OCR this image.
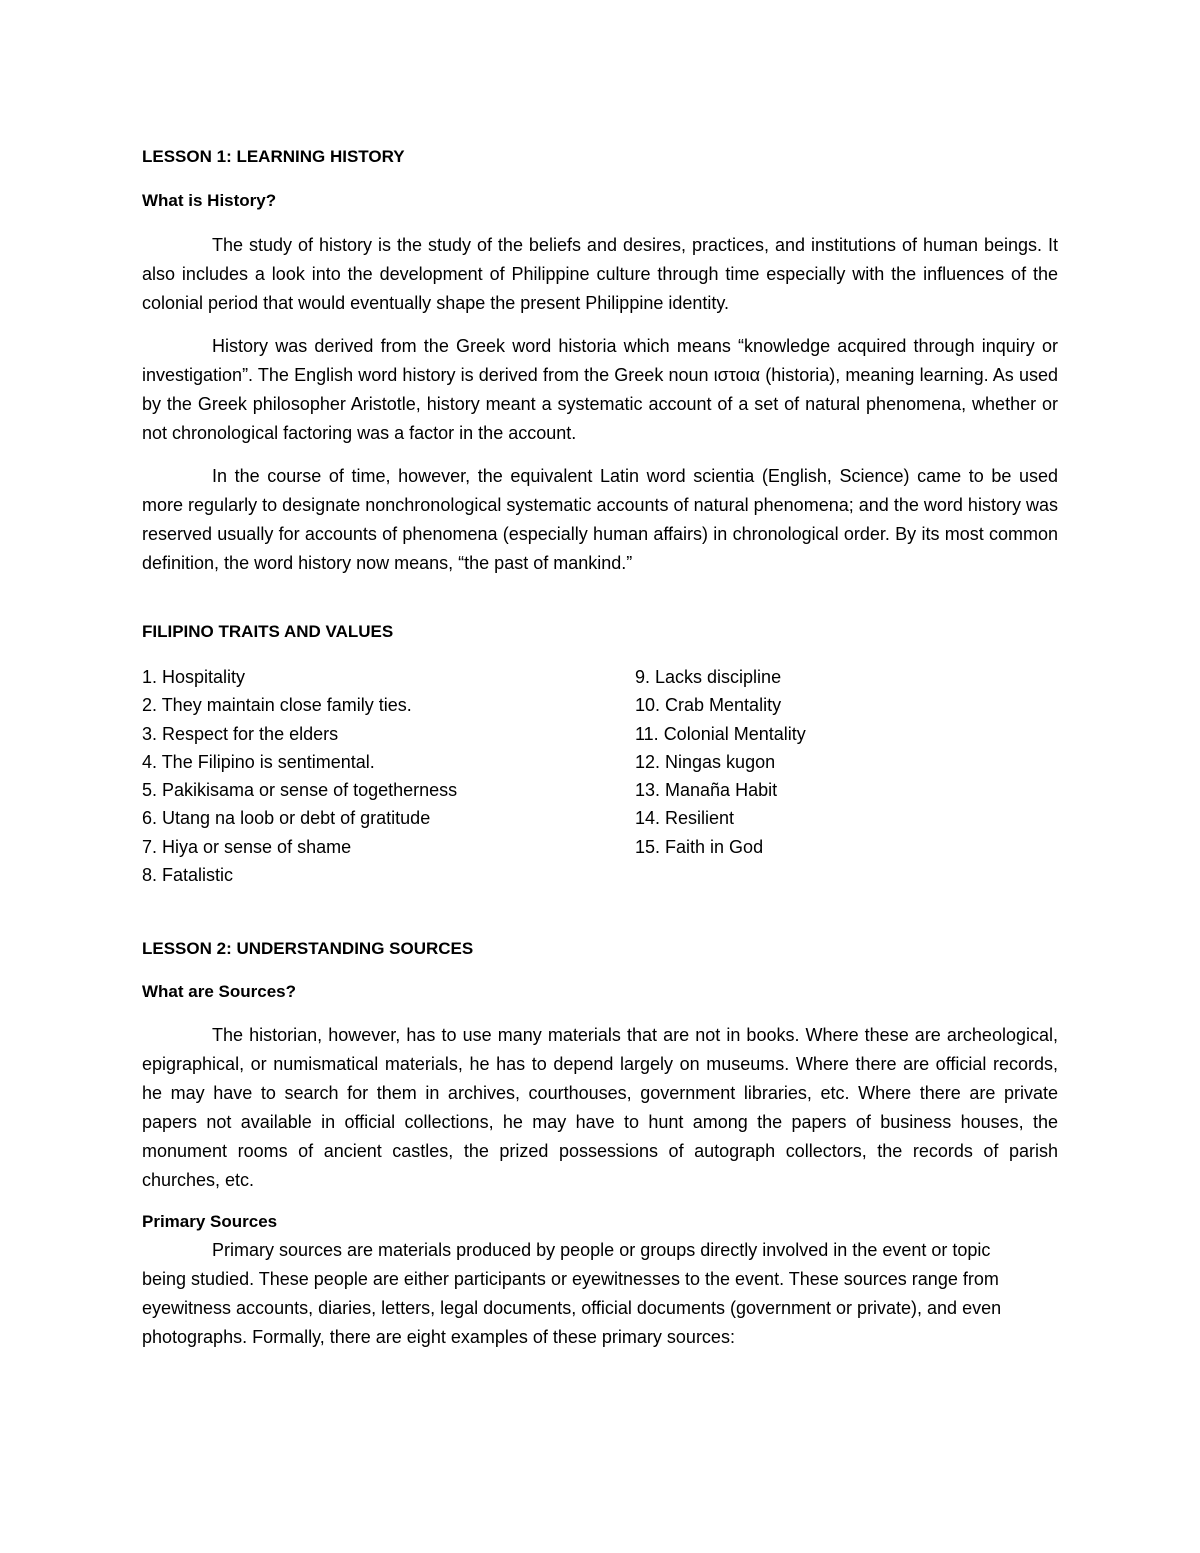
LESSON 1: LEARNING HISTORY
What is History?

The study of history is the study of the beliefs and desires, practices, and institutions of human beings. It also includes a look into the development of Philippine culture through time especially with the influences of the colonial period that would eventually shape the present Philippine identity.

History was derived from the Greek word historia which means “knowledge acquired through inquiry or investigation”. The English word history is derived from the Greek noun ιστοια (historia), meaning learning. As used by the Greek philosopher Aristotle, history meant a systematic account of a set of natural phenomena, whether or not chronological factoring was a factor in the account.

In the course of time, however, the equivalent Latin word scientia (English, Science) came to be used more regularly to designate nonchronological systematic accounts of natural phenomena; and the word history was reserved usually for accounts of phenomena (especially human affairs) in chronological order. By its most common definition, the word history now means, “the past of mankind.”

FILIPINO TRAITS AND VALUES
1. Hospitality
2. They maintain close family ties.
3. Respect for the elders
4. The Filipino is sentimental.
5. Pakikisama or sense of togetherness
6. Utang na loob or debt of gratitude
7. Hiya or sense of shame
8. Fatalistic
9. Lacks discipline
10. Crab Mentality
11. Colonial Mentality
12. Ningas kugon
13. Manaña Habit
14. Resilient
15. Faith in God
LESSON 2: UNDERSTANDING SOURCES
What are Sources?

The historian, however, has to use many materials that are not in books. Where these are archeological, epigraphical, or numismatical materials, he has to depend largely on museums. Where there are official records, he may have to search for them in archives, courthouses, government libraries, etc. Where there are private papers not available in official collections, he may have to hunt among the papers of business houses, the monument rooms of ancient castles, the prized possessions of autograph collectors, the records of parish churches, etc.

Primary Sources

Primary sources are materials produced by people or groups directly involved in the event or topic being studied. These people are either participants or eyewitnesses to the event. These sources range from eyewitness accounts, diaries, letters, legal documents, official documents (government or private), and even photographs. Formally, there are eight examples of these primary sources:
